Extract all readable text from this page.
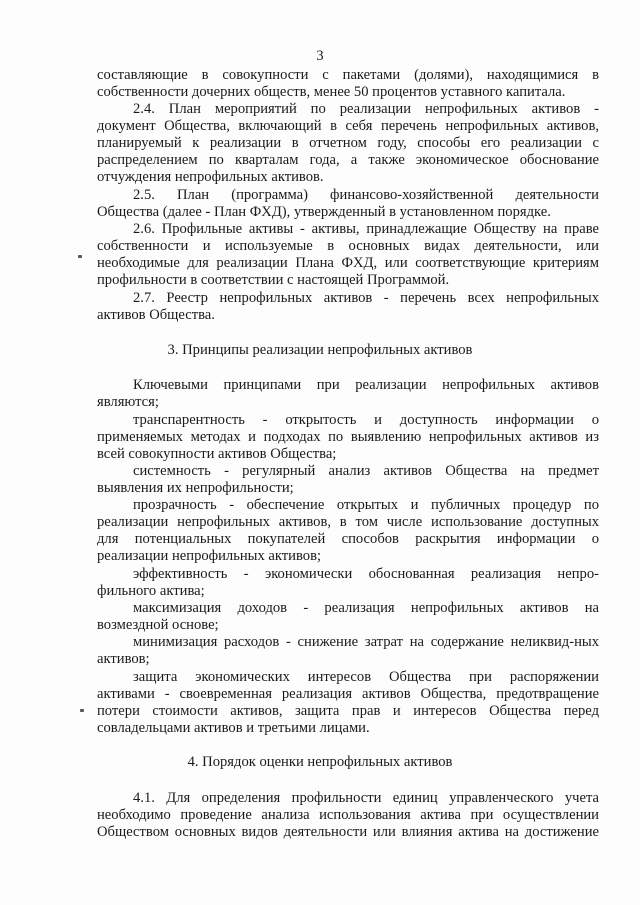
3
составляющие в совокупности с пакетами (долями), находящимися в
собственности дочерних обществ, менее 50 процентов уставного капитала.
2.4. План мероприятий по реализации непрофильных активов -
документ Общества, включающий в себя перечень непрофильных активов,
планируемый к реализации в отчетном году, способы его реализации с
распределением по кварталам года, а также экономическое обоснование
отчуждения непрофильных активов.
2.5. План (программа) финансово-хозяйственной деятельности
Общества (далее - План ФХД), утвержденный в установленном порядке.
2.6. Профильные активы - активы, принадлежащие Обществу на праве
собственности и используемые в основных видах деятельности, или
необходимые для реализации Плана ФХД, или соответствующие критериям
профильности в соответствии с настоящей Программой.
2.7. Реестр непрофильных активов - перечень всех непрофильных
активов Общества.
3. Принципы реализации непрофильных активов
Ключевыми принципами при реализации непрофильных активов
являются;
транспарентность - открытость и доступность информации о
применяемых методах и подходах по выявлению непрофильных активов из
всей совокупности активов Общества;
системность - регулярный анализ активов Общества на предмет
выявления их непрофильности;
прозрачность - обеспечение открытых и публичных процедур по
реализации непрофильных активов, в том числе использование доступных
для потенциальных покупателей способов раскрытия информации о
реализации непрофильных активов;
эффективность - экономически обоснованная реализация непро-
фильного актива;
максимизация доходов - реализация непрофильных активов на
возмездной основе;
минимизация расходов - снижение затрат на содержание неликвид-ных
активов;
защита экономических интересов Общества при распоряжении
активами - своевременная реализация активов Общества, предотвращение
потери стоимости активов, защита прав и интересов Общества перед
совладельцами активов и третьими лицами.
4. Порядок оценки непрофильных активов
4.1. Для определения профильности единиц управленческого учета
необходимо проведение анализа использования актива при осуществлении
Обществом основных видов деятельности или влияния актива на достижение
